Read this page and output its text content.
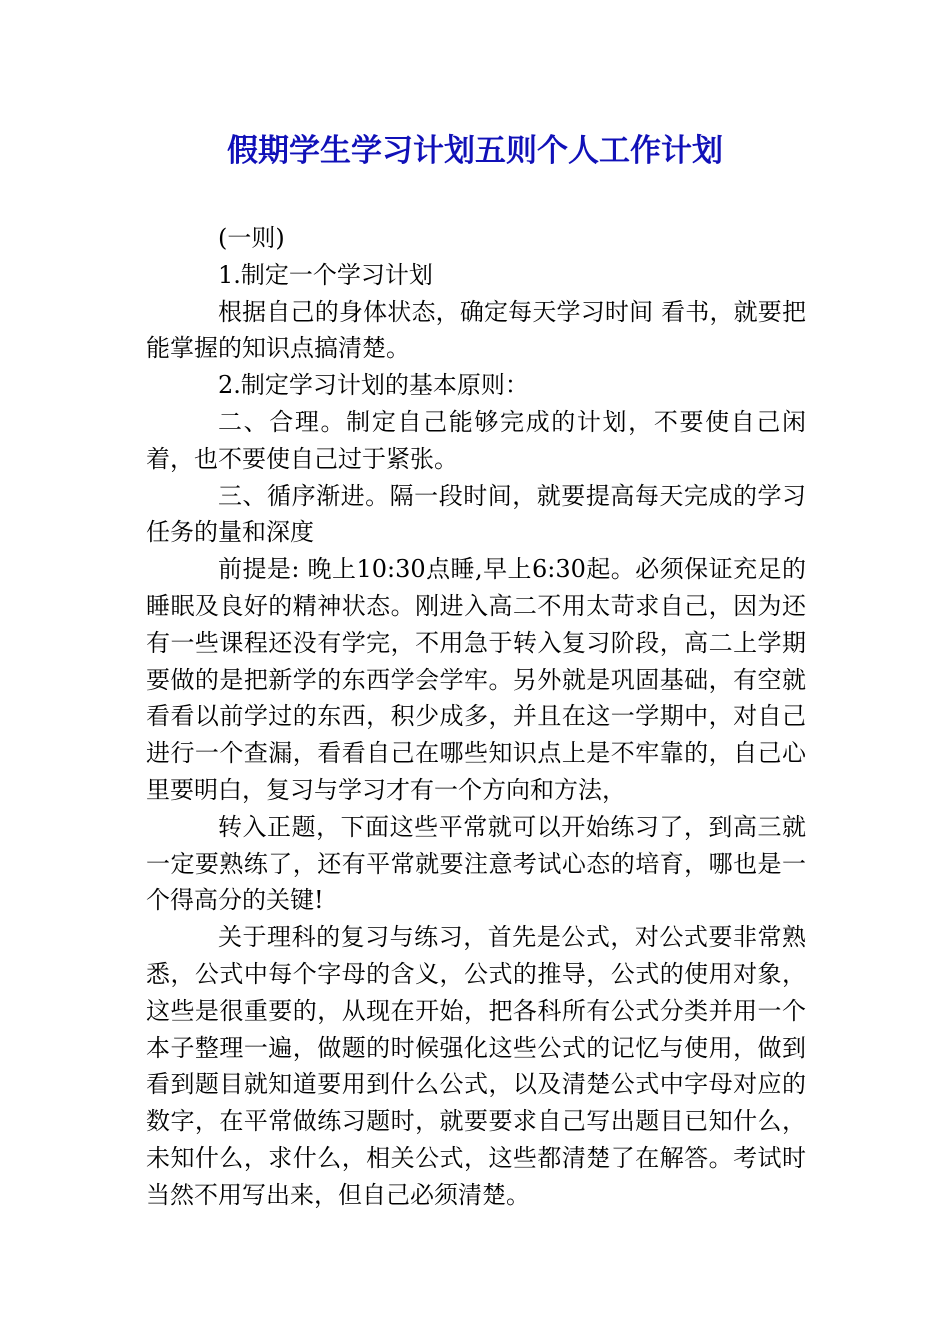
假期学生学习计划五则个人工作计划

(一则)

1.制定一个学习计划

根据自己的身体状态，确定每天学习时间 看书，就要把能掌握的知识点搞清楚。

2.制定学习计划的基本原则：

二、合理。制定自己能够完成的计划，不要使自己闲着，也不要使自己过于紧张。

三、循序渐进。隔一段时间，就要提高每天完成的学习任务的量和深度

前提是: 晚上10:30点睡,早上6:30起。必须保证充足的睡眠及良好的精神状态。刚进入高二不用太苛求自己，因为还有一些课程还没有学完，不用急于转入复习阶段，高二上学期要做的是把新学的东西学会学牢。另外就是巩固基础，有空就看看以前学过的东西，积少成多，并且在这一学期中，对自己进行一个查漏，看看自己在哪些知识点上是不牢靠的，自己心里要明白，复习与学习才有一个方向和方法，

转入正题，下面这些平常就可以开始练习了，到高三就一定要熟练了，还有平常就要注意考试心态的培育，哪也是一个得高分的关键!

关于理科的复习与练习，首先是公式，对公式要非常熟悉，公式中每个字母的含义，公式的推导，公式的使用对象，这些是很重要的，从现在开始，把各科所有公式分类并用一个本子整理一遍，做题的时候强化这些公式的记忆与使用，做到看到题目就知道要用到什么公式，以及清楚公式中字母对应的数字，在平常做练习题时，就要要求自己写出题目已知什么，未知什么，求什么，相关公式，这些都清楚了在解答。考试时当然不用写出来，但自己必须清楚。
